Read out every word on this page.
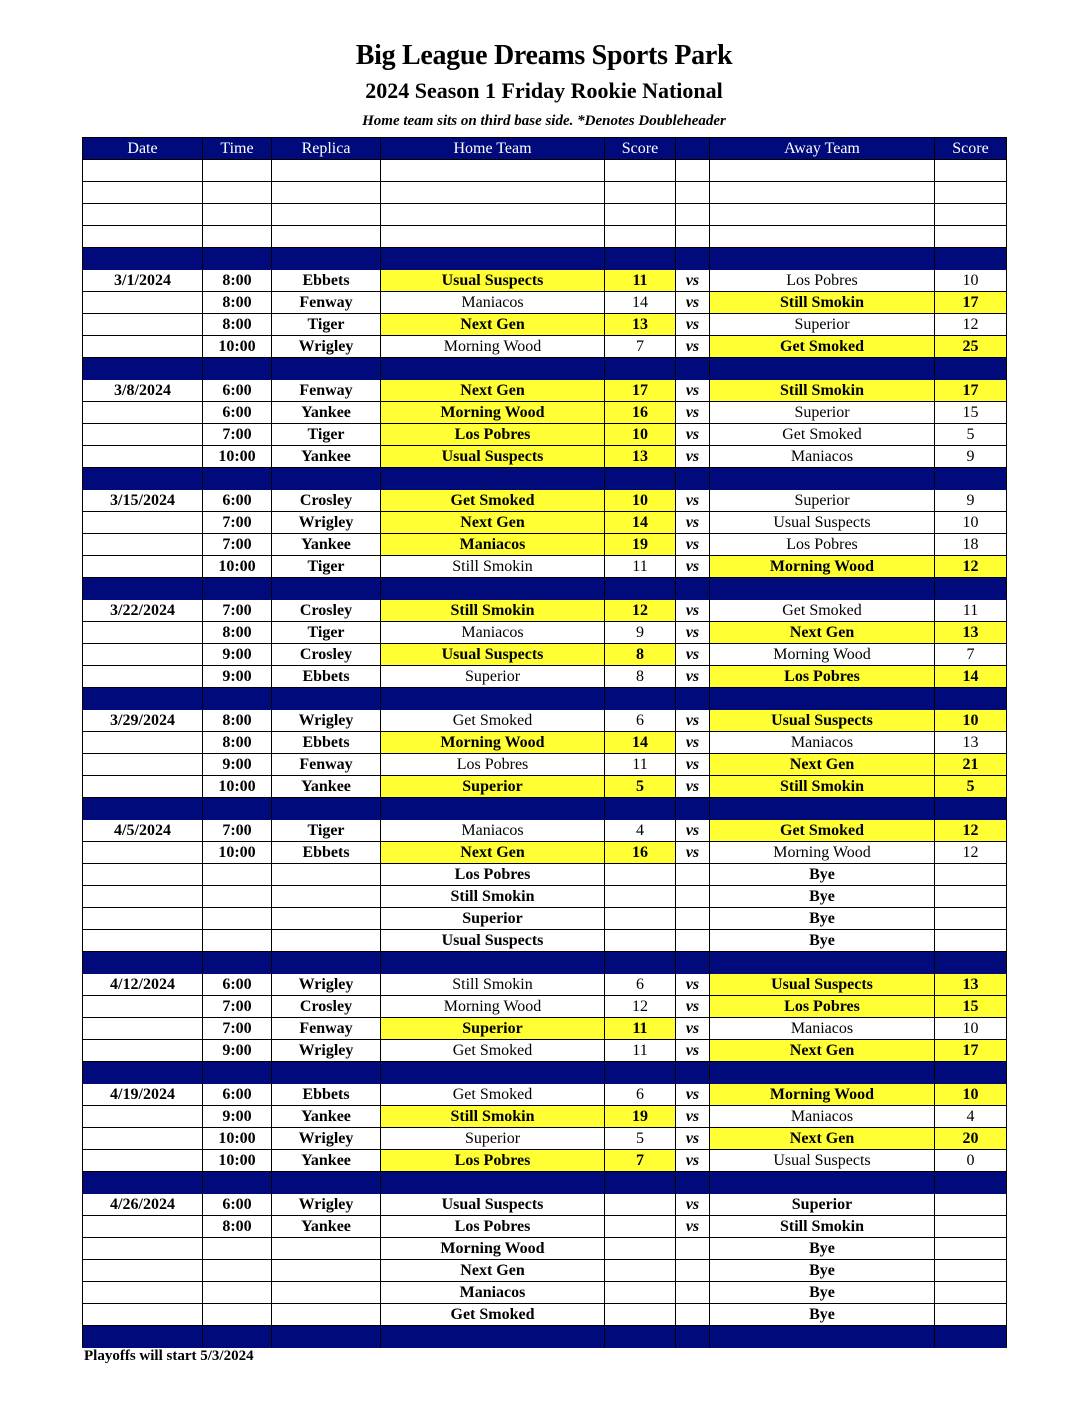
Big League Dreams Sports Park
2024 Season 1 Friday Rookie National
Home team sits on third base side. *Denotes Doubleheader
Date	Time	Replica	Home Team	Score		Away Team	Score

3/1/2024	8:00	Ebbets	Usual Suspects	11	vs	Los Pobres	10
	8:00	Fenway	Maniacos	14	vs	Still Smokin	17
	8:00	Tiger	Next Gen	13	vs	Superior	12
	10:00	Wrigley	Morning Wood	7	vs	Get Smoked	25

3/8/2024	6:00	Fenway	Next Gen	17	vs	Still Smokin	17
	6:00	Yankee	Morning Wood	16	vs	Superior	15
	7:00	Tiger	Los Pobres	10	vs	Get Smoked	5
	10:00	Yankee	Usual Suspects	13	vs	Maniacos	9

3/15/2024	6:00	Crosley	Get Smoked	10	vs	Superior	9
	7:00	Wrigley	Next Gen	14	vs	Usual Suspects	10
	7:00	Yankee	Maniacos	19	vs	Los Pobres	18
	10:00	Tiger	Still Smokin	11	vs	Morning Wood	12

3/22/2024	7:00	Crosley	Still Smokin	12	vs	Get Smoked	11
	8:00	Tiger	Maniacos	9	vs	Next Gen	13
	9:00	Crosley	Usual Suspects	8	vs	Morning Wood	7
	9:00	Ebbets	Superior	8	vs	Los Pobres	14

3/29/2024	8:00	Wrigley	Get Smoked	6	vs	Usual Suspects	10
	8:00	Ebbets	Morning Wood	14	vs	Maniacos	13
	9:00	Fenway	Los Pobres	11	vs	Next Gen	21
	10:00	Yankee	Superior	5	vs	Still Smokin	5

4/5/2024	7:00	Tiger	Maniacos	4	vs	Get Smoked	12
	10:00	Ebbets	Next Gen	16	vs	Morning Wood	12
			Los Pobres			Bye	
			Still Smokin			Bye	
			Superior			Bye	
			Usual Suspects			Bye	

4/12/2024	6:00	Wrigley	Still Smokin	6	vs	Usual Suspects	13
	7:00	Crosley	Morning Wood	12	vs	Los Pobres	15
	7:00	Fenway	Superior	11	vs	Maniacos	10
	9:00	Wrigley	Get Smoked	11	vs	Next Gen	17

4/19/2024	6:00	Ebbets	Get Smoked	6	vs	Morning Wood	10
	9:00	Yankee	Still Smokin	19	vs	Maniacos	4
	10:00	Wrigley	Superior	5	vs	Next Gen	20
	10:00	Yankee	Los Pobres	7	vs	Usual Suspects	0

4/26/2024	6:00	Wrigley	Usual Suspects		vs	Superior	
	8:00	Yankee	Los Pobres		vs	Still Smokin	
			Morning Wood			Bye	
			Next Gen			Bye	
			Maniacos			Bye	
			Get Smoked			Bye	

Playoffs will start 5/3/2024
